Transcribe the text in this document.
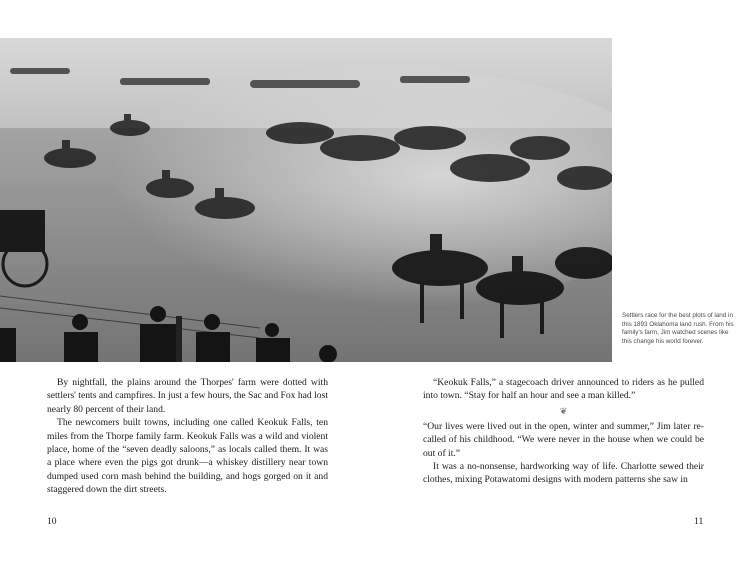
Settlers race for the best plots of land in this 1893 Oklahoma land rush. From his family's farm, Jim watched scenes like this change his world forever.

By nightfall, the plains around the Thorpes' farm were dotted with settlers' tents and campfires. In just a few hours, the Sac and Fox had lost nearly 80 percent of their land.

The newcomers built towns, including one called Keokuk Falls, ten miles from the Thorpe family farm. Keokuk Falls was a wild and violent place, home of the “seven deadly saloons,” as locals called them. It was a place where even the pigs got drunk—a whiskey distillery near town dumped used corn mash behind the building, and hogs gorged on it and staggered down the dirt streets.

“Keokuk Falls,” a stagecoach driver announced to riders as he pulled into town. “Stay for half an hour and see a man killed.”

❦

“Our lives were lived out in the open, winter and summer,” Jim later re-called of his childhood. “We were never in the house when we could be out of it.”

It was a no-nonsense, hardworking way of life. Charlotte sewed their clothes, mixing Potawatomi designs with modern patterns she saw in

10	11
